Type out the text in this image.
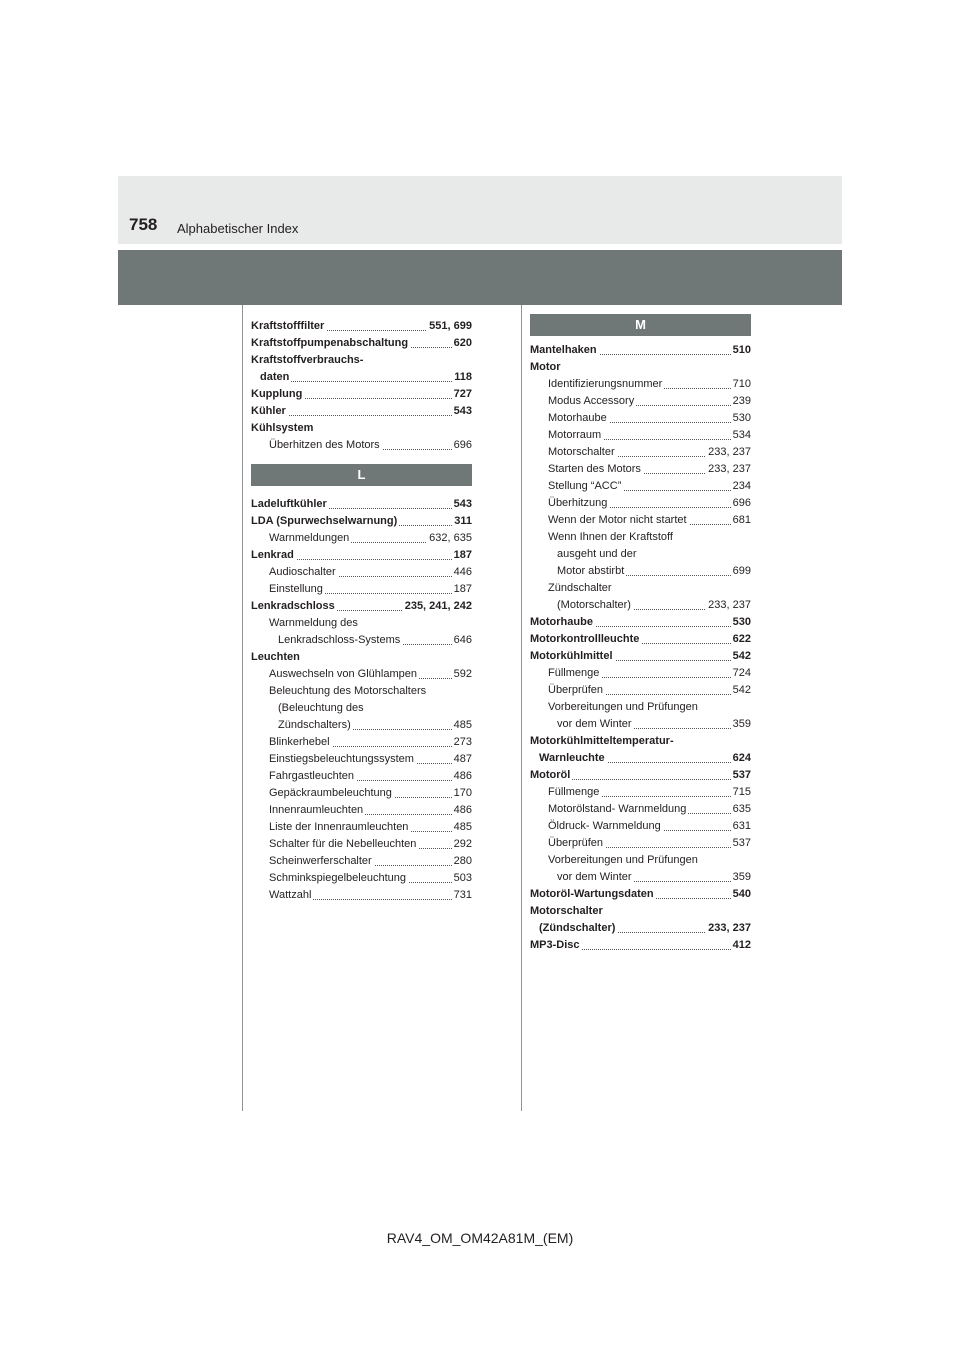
758 Alphabetischer Index
Kraftstofffilter	551, 699
Kraftstoffpumpenabschaltung	620
Kraftstoffverbrauchs-
daten	118
Kupplung	727
Kühler	543
Kühlsystem
Überhitzen des Motors	696
L
Ladeluftkühler	543
LDA (Spurwechselwarnung)	311
Warnmeldungen	632, 635
Lenkrad	187
Audioschalter	446
Einstellung	187
Lenkradschloss	235, 241, 242
Warnmeldung des
Lenkradschloss-Systems	646
Leuchten
Auswechseln von Glühlampen	592
Beleuchtung des Motorschalters
(Beleuchtung des
Zündschalters)	485
Blinkerhebel	273
Einstiegsbeleuchtungssystem	487
Fahrgastleuchten	486
Gepäckraumbeleuchtung	170
Innenraumleuchten	486
Liste der Innenraumleuchten	485
Schalter für die Nebelleuchten	292
Scheinwerferschalter	280
Schminkspiegelbeleuchtung	503
Wattzahl	731
M
Mantelhaken	510
Motor
Identifizierungsnummer	710
Modus Accessory	239
Motorhaube	530
Motorraum	534
Motorschalter	233, 237
Starten des Motors	233, 237
Stellung “ACC”	234
Überhitzung	696
Wenn der Motor nicht startet	681
Wenn Ihnen der Kraftstoff
ausgeht und der
Motor abstirbt	699
Zündschalter
(Motorschalter)	233, 237
Motorhaube	530
Motorkontrollleuchte	622
Motorkühlmittel	542
Füllmenge	724
Überprüfen	542
Vorbereitungen und Prüfungen
vor dem Winter	359
Motorkühlmitteltemperatur-
Warnleuchte	624
Motoröl	537
Füllmenge	715
Motorölstand- Warnmeldung	635
Öldruck- Warnmeldung	631
Überprüfen	537
Vorbereitungen und Prüfungen
vor dem Winter	359
Motoröl-Wartungsdaten	540
Motorschalter
(Zündschalter)	233, 237
MP3-Disc	412
RAV4_OM_OM42A81M_(EM)
